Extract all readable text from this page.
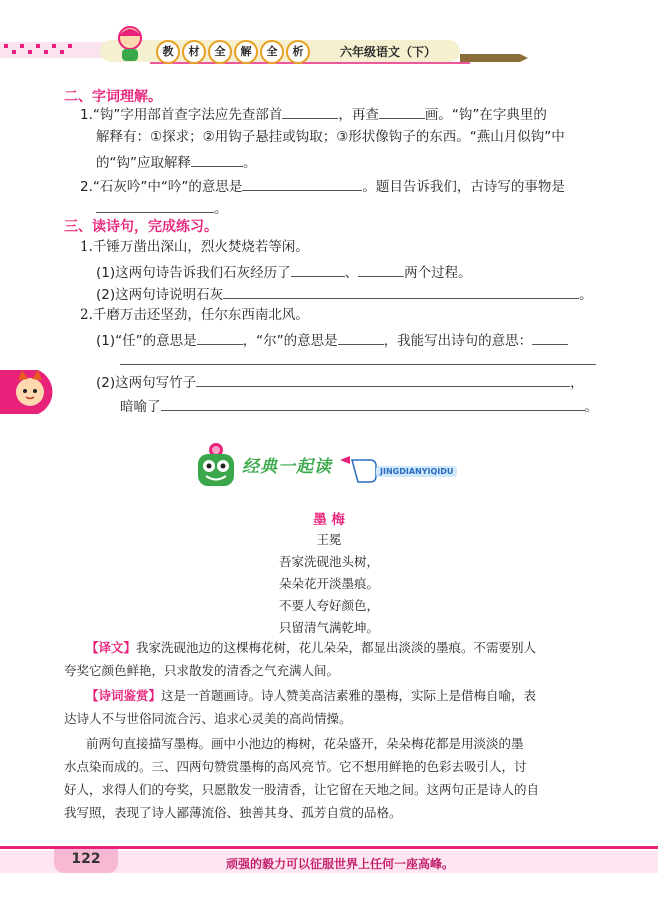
教	材	全	解	全	析	六年级语文（下）
二、字词理解。
1.“钩”字用部首查字法应先查部首	，再查	画。“钩”在字典里的
解释有：①探求；②用钩子悬挂或钩取；③形状像钩子的东西。“燕山月似钩”中
的“钩”应取解释	。
2.“石灰吟”中“吟”的意思是	。题目告诉我们，古诗写的事物是
。
三、读诗句，完成练习。
1.千锤万凿出深山，烈火焚烧若等闲。
(1)这两句诗告诉我们石灰经历了	、	两个过程。
(2)这两句诗说明石灰	。
2.千磨万击还坚劲，任尔东西南北风。
(1)“任”的意思是	，“尔”的意思是	，我能写出诗句的意思：
(2)这两句写竹子	，
暗喻了	。
经典一起读	JINGDIANYIQIDU
墨 梅
王冕
吾家洗砚池头树，
朵朵花开淡墨痕。
不要人夸好颜色，
只留清气满乾坤。
【译文】我家洗砚池边的这棵梅花树，花儿朵朵，都显出淡淡的墨痕。不需要别人
夸奖它颜色鲜艳，只求散发的清香之气充满人间。
【诗词鉴赏】这是一首题画诗。诗人赞美高洁素雅的墨梅，实际上是借梅自喻，表
达诗人不与世俗同流合污、追求心灵美的高尚情操。
前两句直接描写墨梅。画中小池边的梅树，花朵盛开，朵朵梅花都是用淡淡的墨
水点染而成的。三、四两句赞赏墨梅的高风亮节。它不想用鲜艳的色彩去吸引人，讨
好人，求得人们的夸奖，只愿散发一股清香，让它留在天地之间。这两句正是诗人的自
我写照，表现了诗人鄙薄流俗、独善其身、孤芳自赏的品格。
122	顽强的毅力可以征服世界上任何一座高峰。
